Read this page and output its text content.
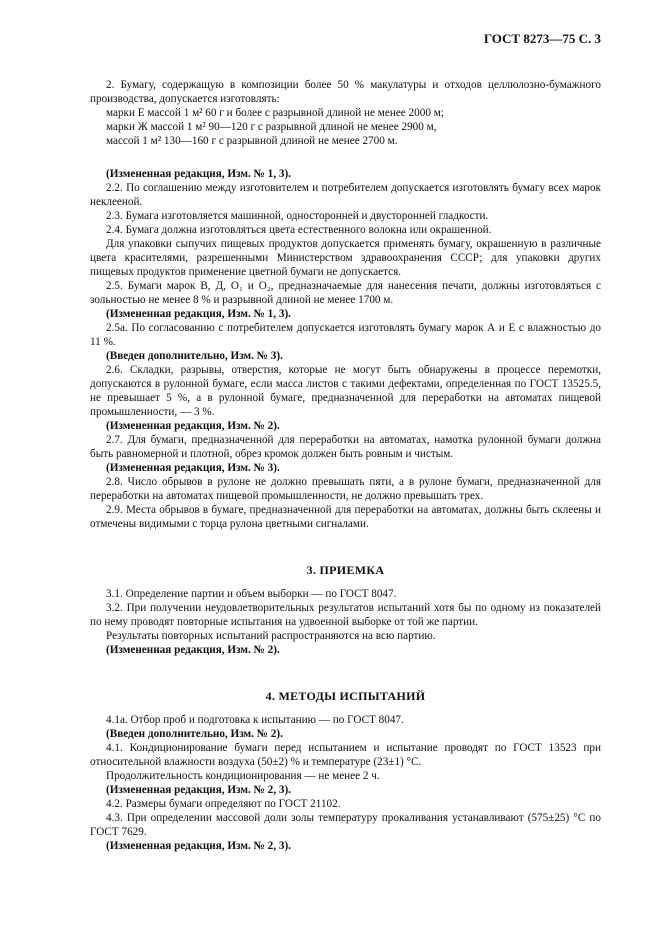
ГОСТ 8273—75 С. 3

2. Бумагу, содержащую в композиции более 50 % макулатуры и отходов целлюлозно-бумажного производства, допускается изготовлять:

марки Е массой 1 м² 60 г и более с разрывной длиной не менее 2000 м;

марки Ж массой 1 м² 90—120 г с разрывной длиной не менее 2900 м,

массой 1 м² 130—160 г с разрывной длиной не менее 2700 м.

(Измененная редакция, Изм. № 1, 3).

2.2. По соглашению между изготовителем и потребителем допускается изготовлять бумагу всех марок неклееной.

2.3. Бумага изготовляется машинной, односторонней и двусторонней гладкости.

2.4. Бумага должна изготовляться цвета естественного волокна или окрашенной.

Для упаковки сыпучих пищевых продуктов допускается применять бумагу, окрашенную в различные цвета красителями, разрешенными Министерством здравоохранения СССР; для упаковки других пищевых продуктов применение цветной бумаги не допускается.

2.5. Бумаги марок В, Д, О₁ и О₂, предназначаемые для нанесения печати, должны изготовляться с зольностью не менее 8 % и разрывной длиной не менее 1700 м.

(Измененная редакция, Изм. № 1, 3).

2.5а. По согласованию с потребителем допускается изготовлять бумагу марок А и Е с влажностью до 11 %.

(Введен дополнительно, Изм. № 3).

2.6. Складки, разрывы, отверстия, которые не могут быть обнаружены в процессе перемотки, допускаются в рулонной бумаге, если масса листов с такими дефектами, определенная по ГОСТ 13525.5, не превышает 5 %, а в рулонной бумаге, предназначенной для переработки на автоматах пищевой промышленности, — 3 %.

(Измененная редакция, Изм. № 2).

2.7. Для бумаги, предназначенной для переработки на автоматах, намотка рулонной бумаги должна быть равномерной и плотной, обрез кромок должен быть ровным и чистым.

(Измененная редакция, Изм. № 3).

2.8. Число обрывов в рулоне не должно превышать пяти, а в рулоне бумаги, предназначенной для переработки на автоматах пищевой промышленности, не должно превышать трех.

2.9. Места обрывов в бумаге, предназначенной для переработки на автоматах, должны быть склеены и отмечены видимыми с торца рулона цветными сигналами.

3. ПРИЕМКА

3.1. Определение партии и объем выборки — по ГОСТ 8047.

3.2. При получении неудовлетворительных результатов испытаний хотя бы по одному из показателей по нему проводят повторные испытания на удвоенной выборке от той же партии.

Результаты повторных испытаний распространяются на всю партию.

(Измененная редакция, Изм. № 2).

4. МЕТОДЫ ИСПЫТАНИЙ

4.1а. Отбор проб и подготовка к испытанию — по ГОСТ 8047.

(Введен дополнительно, Изм. № 2).

4.1. Кондиционирование бумаги перед испытанием и испытание проводят по ГОСТ 13523 при относительной влажности воздуха (50±2) % и температуре (23±1) °С.

Продолжительность кондиционирования — не менее 2 ч.

(Измененная редакция, Изм. № 2, 3).

4.2. Размеры бумаги определяют по ГОСТ 21102.

4.3. При определении массовой доли золы температуру прокаливания устанавливают (575±25) °С по ГОСТ 7629.

(Измененная редакция, Изм. № 2, 3).
